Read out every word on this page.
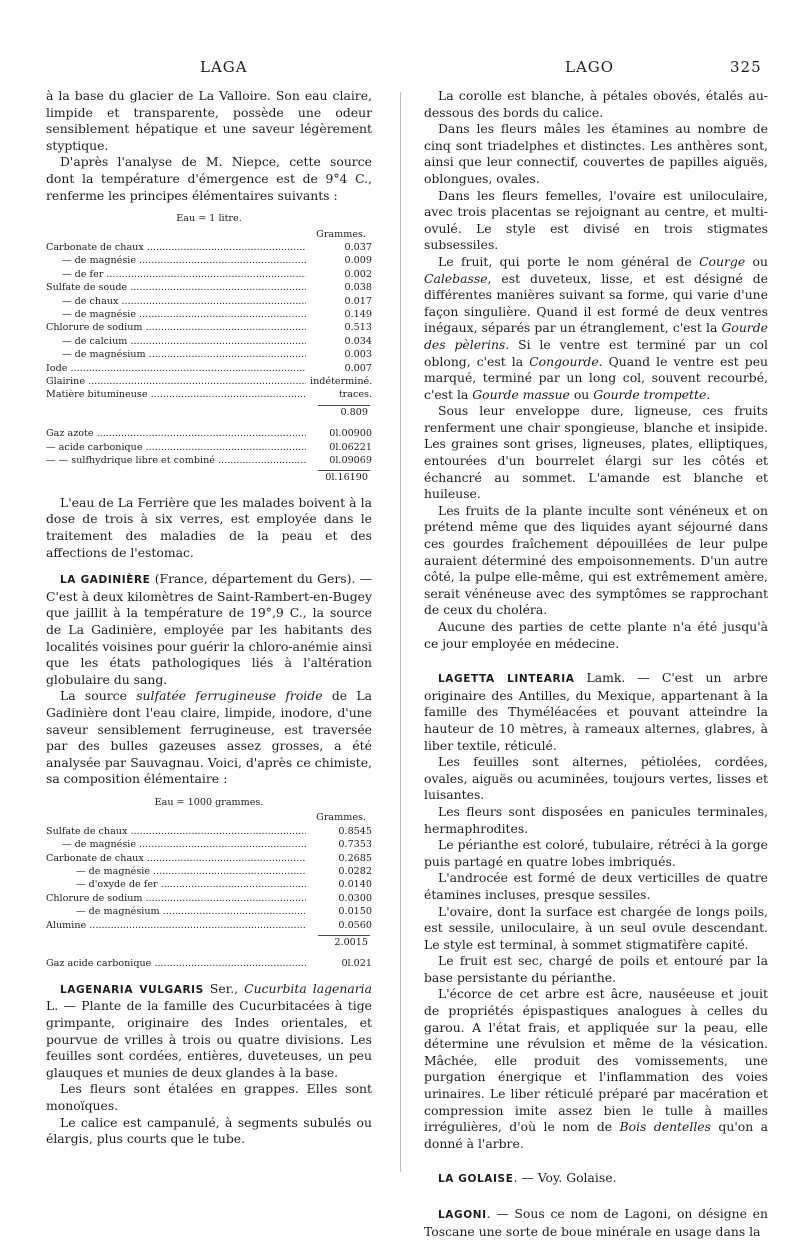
LAGA	LAGO	325

à la base du glacier de La Valloire. Son eau claire, limpide et transparente, possède une odeur sensiblement hépatique et une saveur légèrement styptique.

D'après l'analyse de M. Niepce, cette source dont la température d'émergence est de 9°4 C., renferme les principes élémentaires suivants :

Eau = 1 litre.
Grammes.
Carbonate de chaux .....	0.037
— de magnésie .....	0.009
— de fer .....	0.002
Sulfate de soude .....	0.038
— de chaux .....	0.017
— de magnésie .....	0.149
Chlorure de sodium .....	0.513
— de calcium .....	0.034
— de magnésium .....	0.003
Iode .....	0.007
Glairine .....	indéterminé.
Matière bitumineuse .....	traces.
0.809
Gaz azote .....	0l.00900
— acide carbonique .....	0l.06221
— — sulfhydrique libre et combiné .....	0l.09069
0l.16190

L'eau de La Ferrière que les malades boivent à la dose de trois à six verres, est employée dans le traitement des maladies de la peau et des affections de l'estomac.

LA GADINIÈRE (France, département du Gers). — C'est à deux kilomètres de Saint-Rambert-en-Bugey que jaillit à la température de 19°,9 C., la source de La Gadinière, employée par les habitants des localités voisines pour guérir la chloro-anémie ainsi que les états pathologiques liés à l'altération globulaire du sang.

La source sulfatée ferrugineuse froide de La Gadinière dont l'eau claire, limpide, inodore, d'une saveur sensiblement ferrugineuse, est traversée par des bulles gazeuses assez grosses, a été analysée par Sauvagnau. Voici, d'après ce chimiste, sa composition élémentaire :

Eau = 1000 grammes.
Grammes.
Sulfate de chaux .....	0.8545
— de magnésie .....	0.7353
Carbonate de chaux .....	0.2685
— de magnésie .....	0.0282
— d'oxyde de fer .....	0.0140
Chlorure de sodium .....	0.0300
— de magnésium .....	0.0150
Alumine .....	0.0560
2.0015
Gaz acide carbonique .....	0l.021

LAGENARIA VULGARIS Ser., Cucurbita lagenaria L. — Plante de la famille des Cucurbitacées à tige grimpante, originaire des Indes orientales, et pourvue de vrilles à trois ou quatre divisions. Les feuilles sont cordées, entières, duveteuses, un peu glauques et munies de deux glandes à la base.

Les fleurs sont étalées en grappes. Elles sont monoïques.

Le calice est campanulé, à segments subulés ou élargis, plus courts que le tube.

La corolle est blanche, à pétales obovés, étalés au-dessous des bords du calice.

Dans les fleurs mâles les étamines au nombre de cinq sont triadelphes et distinctes. Les anthères sont, ainsi que leur connectif, couvertes de papilles aiguës, oblongues, ovales.

Dans les fleurs femelles, l'ovaire est uniloculaire, avec trois placentas se rejoignant au centre, et multi-ovulé. Le style est divisé en trois stigmates subsessiles.

Le fruit, qui porte le nom général de Courge ou Calebasse, est duveteux, lisse, et est désigné de différentes manières suivant sa forme, qui varie d'une façon singulière. Quand il est formé de deux ventres inégaux, séparés par un étranglement, c'est la Gourde des pèlerins. Si le ventre est terminé par un col oblong, c'est la Congourde. Quand le ventre est peu marqué, terminé par un long col, souvent recourbé, c'est la Gourde massue ou Gourde trompette.

Sous leur enveloppe dure, ligneuse, ces fruits renferment une chair spongieuse, blanche et insipide. Les graines sont grises, ligneuses, plates, elliptiques, entourées d'un bourrelet élargi sur les côtés et échancré au sommet. L'amande est blanche et huileuse.

Les fruits de la plante inculte sont vénéneux et on prétend même que des liquides ayant séjourné dans ces gourdes fraîchement dépouillées de leur pulpe auraient déterminé des empoisonnements. D'un autre côté, la pulpe elle-même, qui est extrêmement amère, serait vénéneuse avec des symptômes se rapprochant de ceux du choléra.

Aucune des parties de cette plante n'a été jusqu'à ce jour employée en médecine.

LAGETTA LINTEARIA Lamk. — C'est un arbre originaire des Antilles, du Mexique, appartenant à la famille des Thyméléacées et pouvant atteindre la hauteur de 10 mètres, à rameaux alternes, glabres, à liber textile, réticulé.

Les feuilles sont alternes, pétiolées, cordées, ovales, aiguës ou acuminées, toujours vertes, lisses et luisantes.

Les fleurs sont disposées en panicules terminales, hermaphrodites.

Le périanthe est coloré, tubulaire, rétréci à la gorge puis partagé en quatre lobes imbriqués.

L'androcée est formé de deux verticilles de quatre étamines incluses, presque sessiles.

L'ovaire, dont la surface est chargée de longs poils, est sessile, uniloculaire, à un seul ovule descendant. Le style est terminal, à sommet stigmatifère capité.

Le fruit est sec, chargé de poils et entouré par la base persistante du périanthe.

L'écorce de cet arbre est âcre, nauséeuse et jouit de propriétés épispastiques analogues à celles du garou. A l'état frais, et appliquée sur la peau, elle détermine une révulsion et même de la vésication. Mâchée, elle produit des vomissements, une purgation énergique et l'inflammation des voies urinaires. Le liber réticulé préparé par macération et compression imite assez bien le tulle à mailles irrégulières, d'où le nom de Bois dentelles qu'on a donné à l'arbre.

LA GOLAISE. — Voy. Golaise.

LAGONI. — Sous ce nom de Lagoni, on désigne en Toscane une sorte de boue minérale en usage dans la
